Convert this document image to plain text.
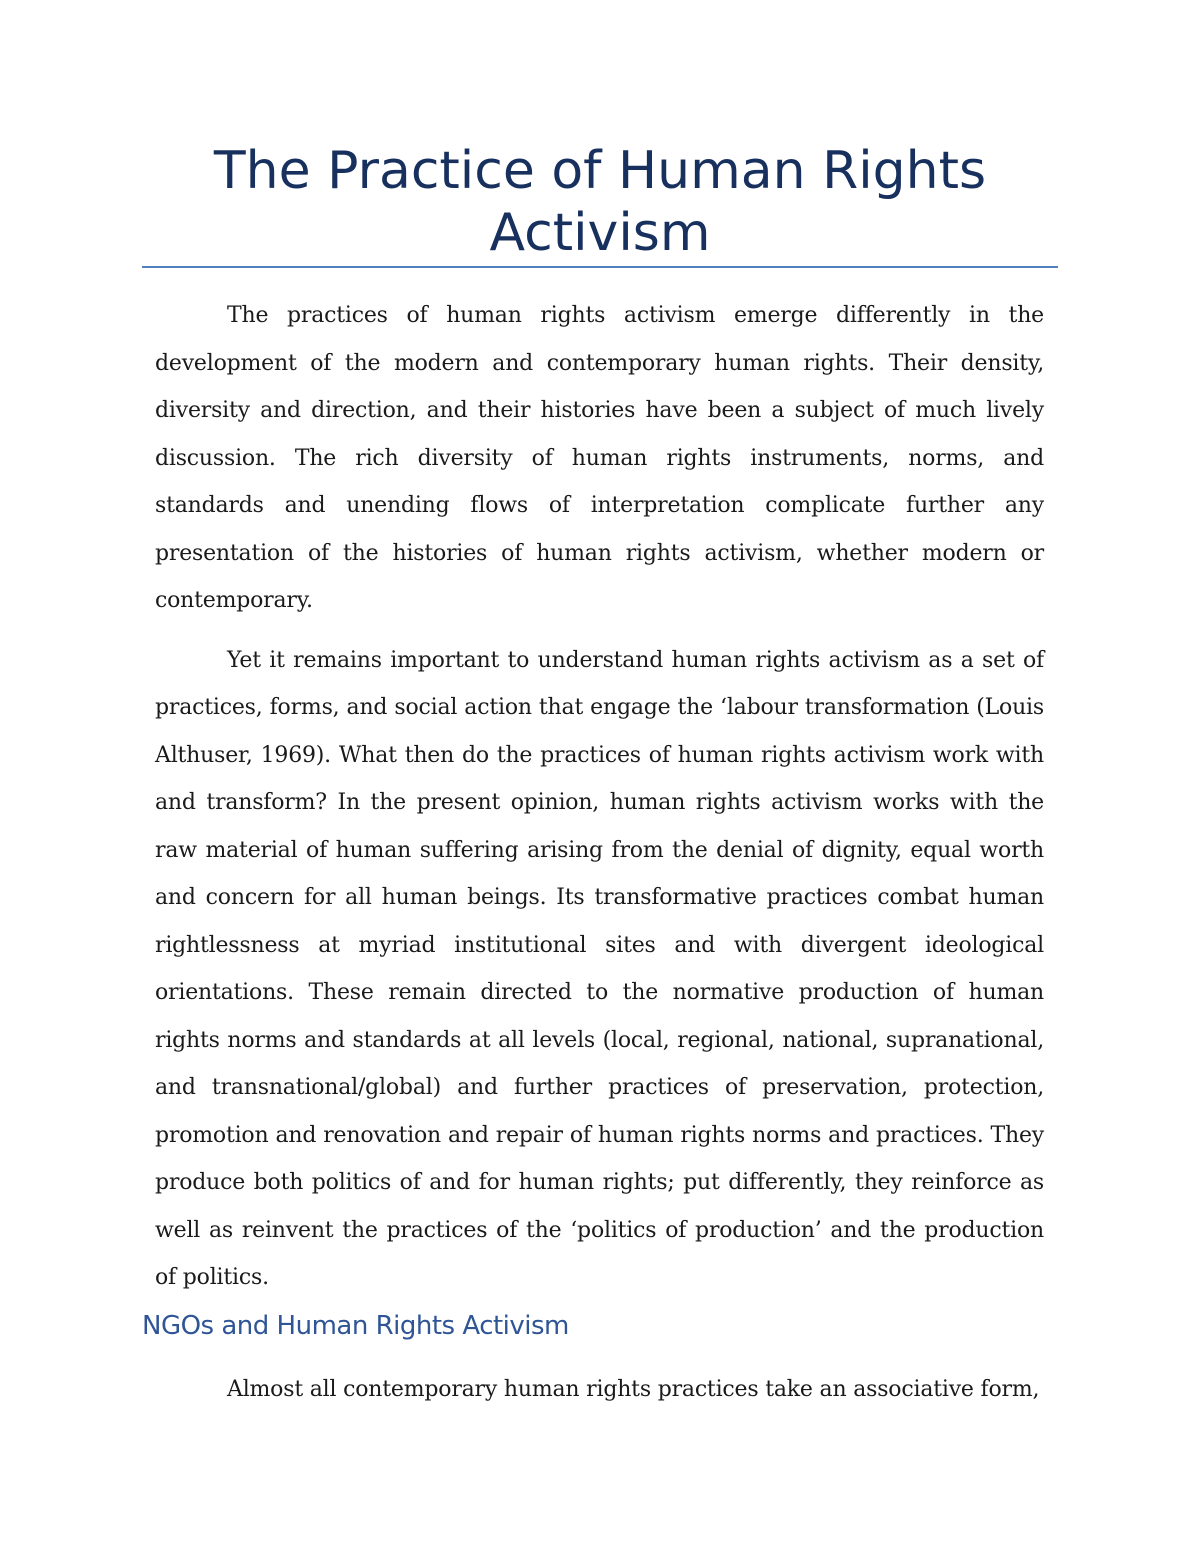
The Practice of Human Rights Activism

The practices of human rights activism emerge differently in the development of the modern and contemporary human rights. Their density, diversity and direction, and their histories have been a subject of much lively discussion. The rich diversity of human rights instruments, norms, and standards and unending flows of interpretation complicate further any presentation of the histories of human rights activism, whether modern or contemporary.

Yet it remains important to understand human rights activism as a set of practices, forms, and social action that engage the ‘labour transformation (Louis Althuser, 1969). What then do the practices of human rights activism work with and transform? In the present opinion, human rights activism works with the raw material of human suffering arising from the denial of dignity, equal worth and concern for all human beings. Its transformative practices combat human rightlessness at myriad institutional sites and with divergent ideological orientations. These remain directed to the normative production of human rights norms and standards at all levels (local, regional, national, supranational, and transnational/global) and further practices of preservation, protection, promotion and renovation and repair of human rights norms and practices. They produce both politics of and for human rights; put differently, they reinforce as well as reinvent the practices of the ‘politics of production’ and the production of politics.

NGOs and Human Rights Activism

Almost all contemporary human rights practices take an associative form,
